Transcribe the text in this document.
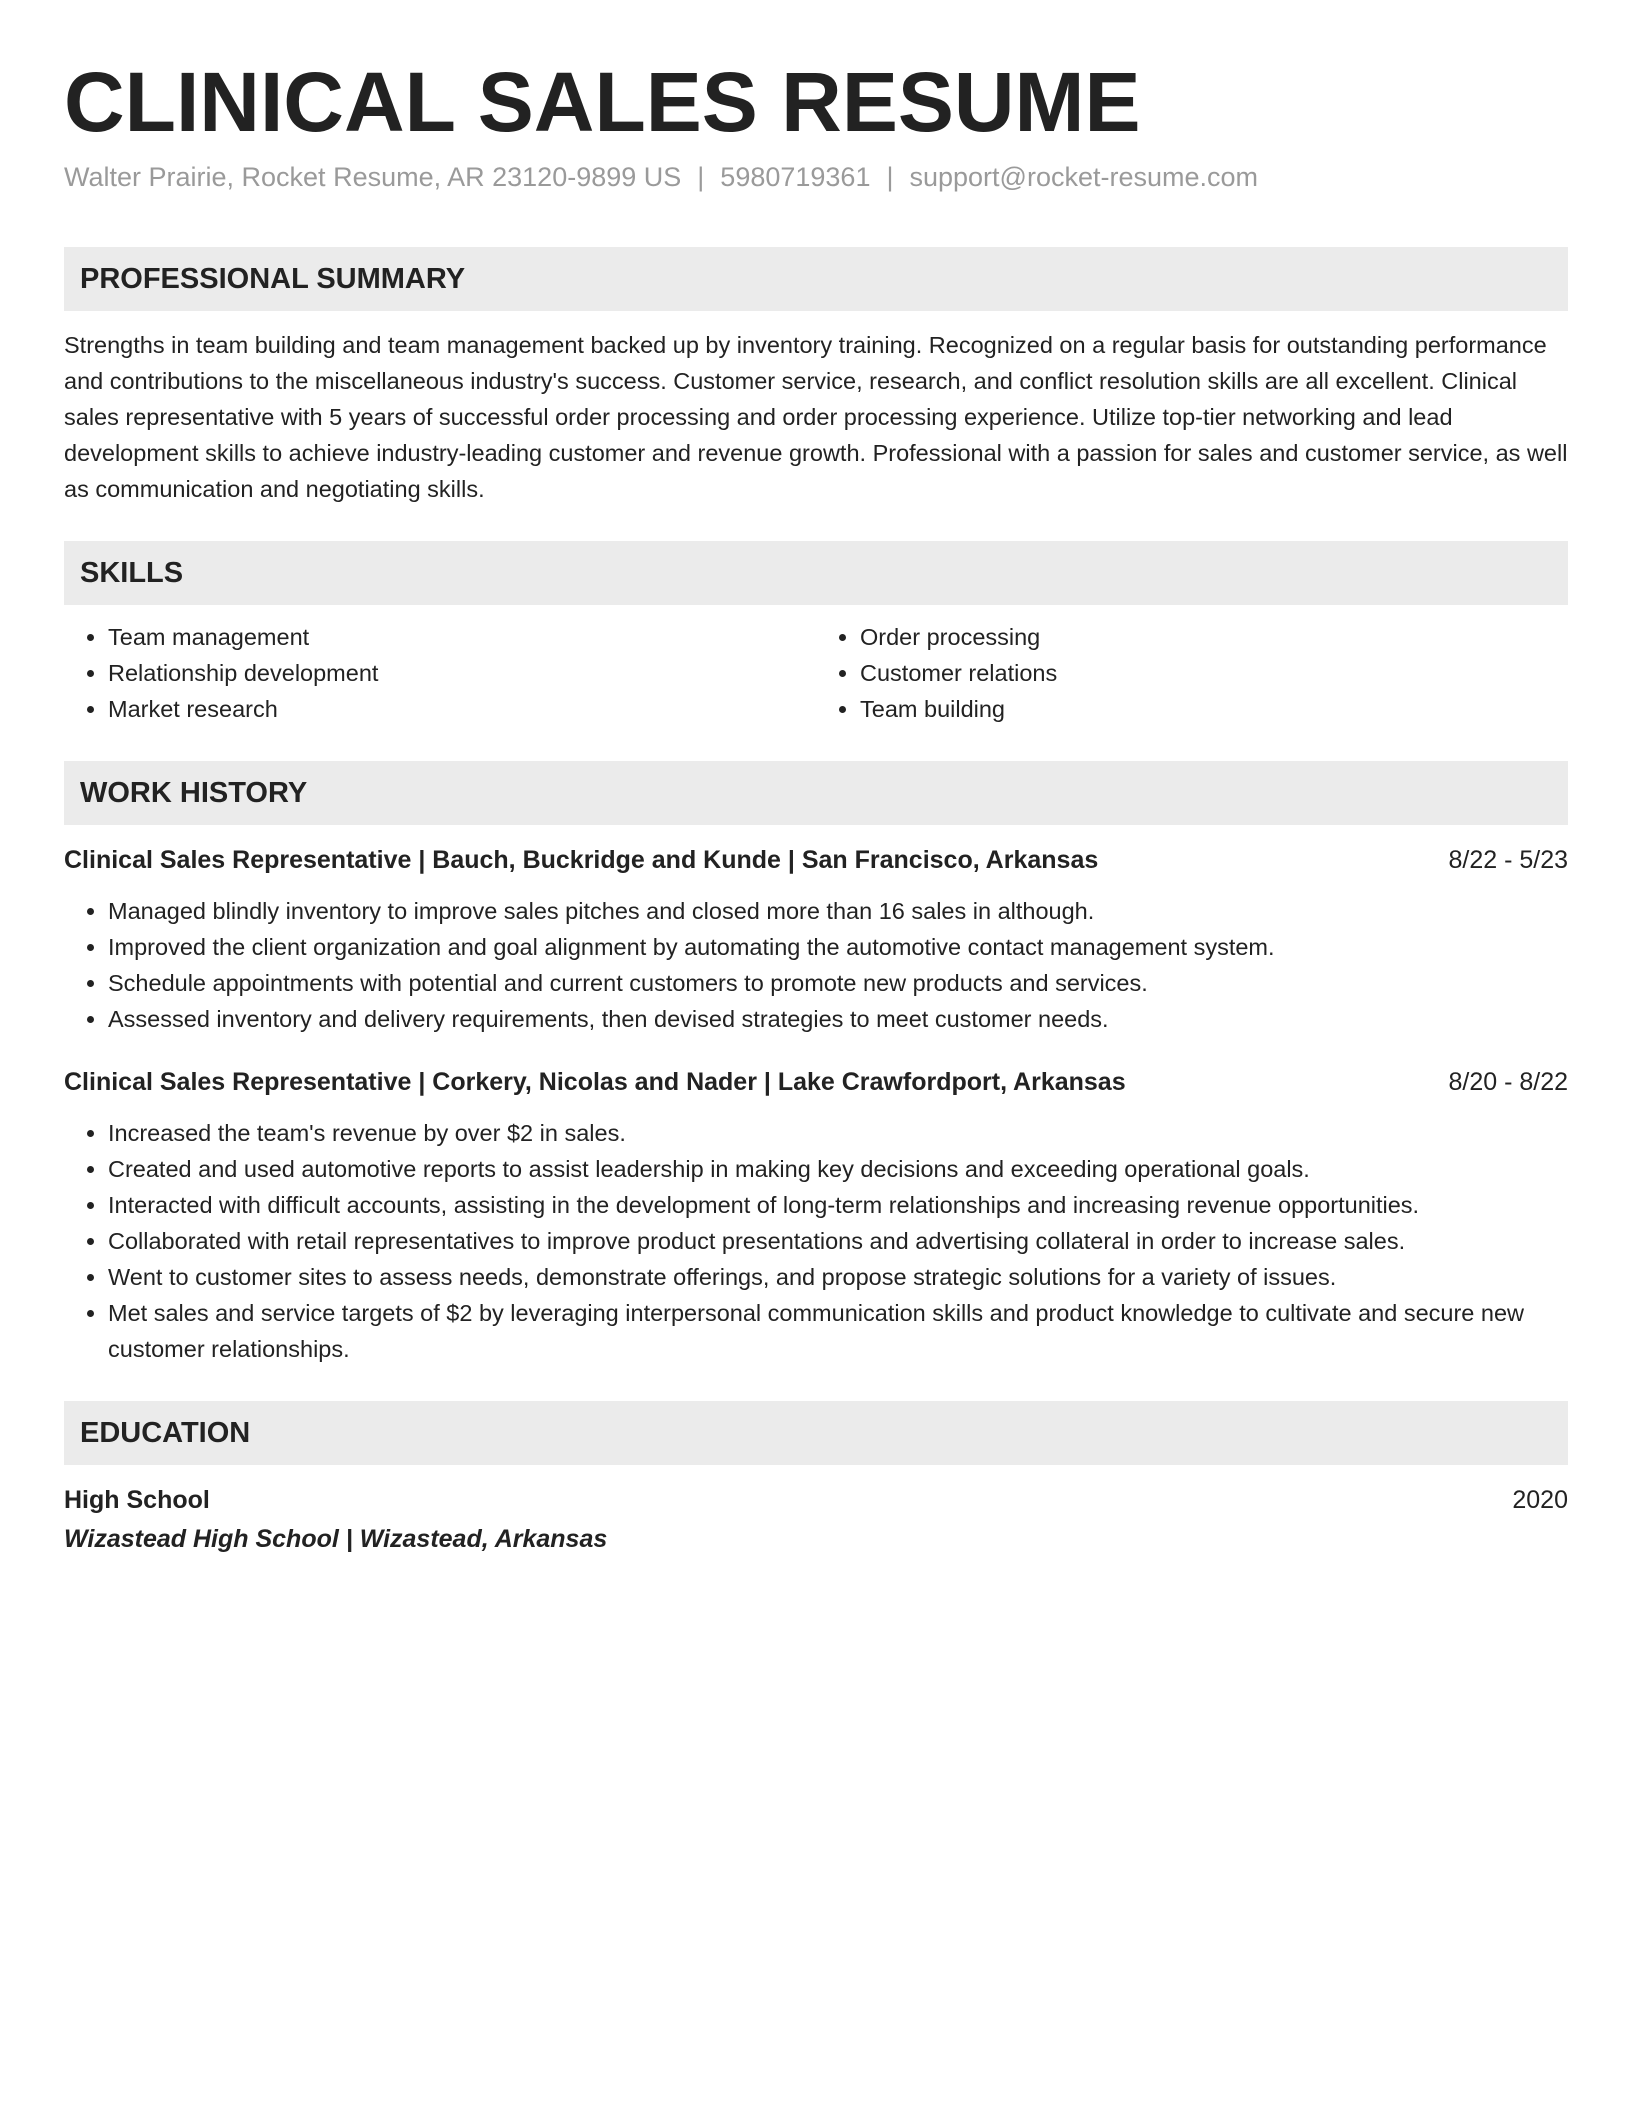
CLINICAL SALES RESUME
Walter Prairie, Rocket Resume, AR 23120-9899 US | 5980719361 | support@rocket-resume.com
PROFESSIONAL SUMMARY

Strengths in team building and team management backed up by inventory training. Recognized on a regular basis for outstanding performance and contributions to the miscellaneous industry's success. Customer service, research, and conflict resolution skills are all excellent. Clinical sales representative with 5 years of successful order processing and order processing experience. Utilize top-tier networking and lead development skills to achieve industry-leading customer and revenue growth. Professional with a passion for sales and customer service, as well as communication and negotiating skills.

SKILLS
• Team management
• Relationship development
• Market research
• Order processing
• Customer relations
• Team building
WORK HISTORY
Clinical Sales Representative | Bauch, Buckridge and Kunde | San Francisco, Arkansas	8/22 - 5/23
• Managed blindly inventory to improve sales pitches and closed more than 16 sales in although.
• Improved the client organization and goal alignment by automating the automotive contact management system.
• Schedule appointments with potential and current customers to promote new products and services.
• Assessed inventory and delivery requirements, then devised strategies to meet customer needs.
Clinical Sales Representative | Corkery, Nicolas and Nader | Lake Crawfordport, Arkansas	8/20 - 8/22
• Increased the team's revenue by over $2 in sales.
• Created and used automotive reports to assist leadership in making key decisions and exceeding operational goals.
• Interacted with difficult accounts, assisting in the development of long-term relationships and increasing revenue opportunities.
• Collaborated with retail representatives to improve product presentations and advertising collateral in order to increase sales.
• Went to customer sites to assess needs, demonstrate offerings, and propose strategic solutions for a variety of issues.
• Met sales and service targets of $2 by leveraging interpersonal communication skills and product knowledge to cultivate and secure new customer relationships.
EDUCATION
High School	2020
Wizastead High School | Wizastead, Arkansas
